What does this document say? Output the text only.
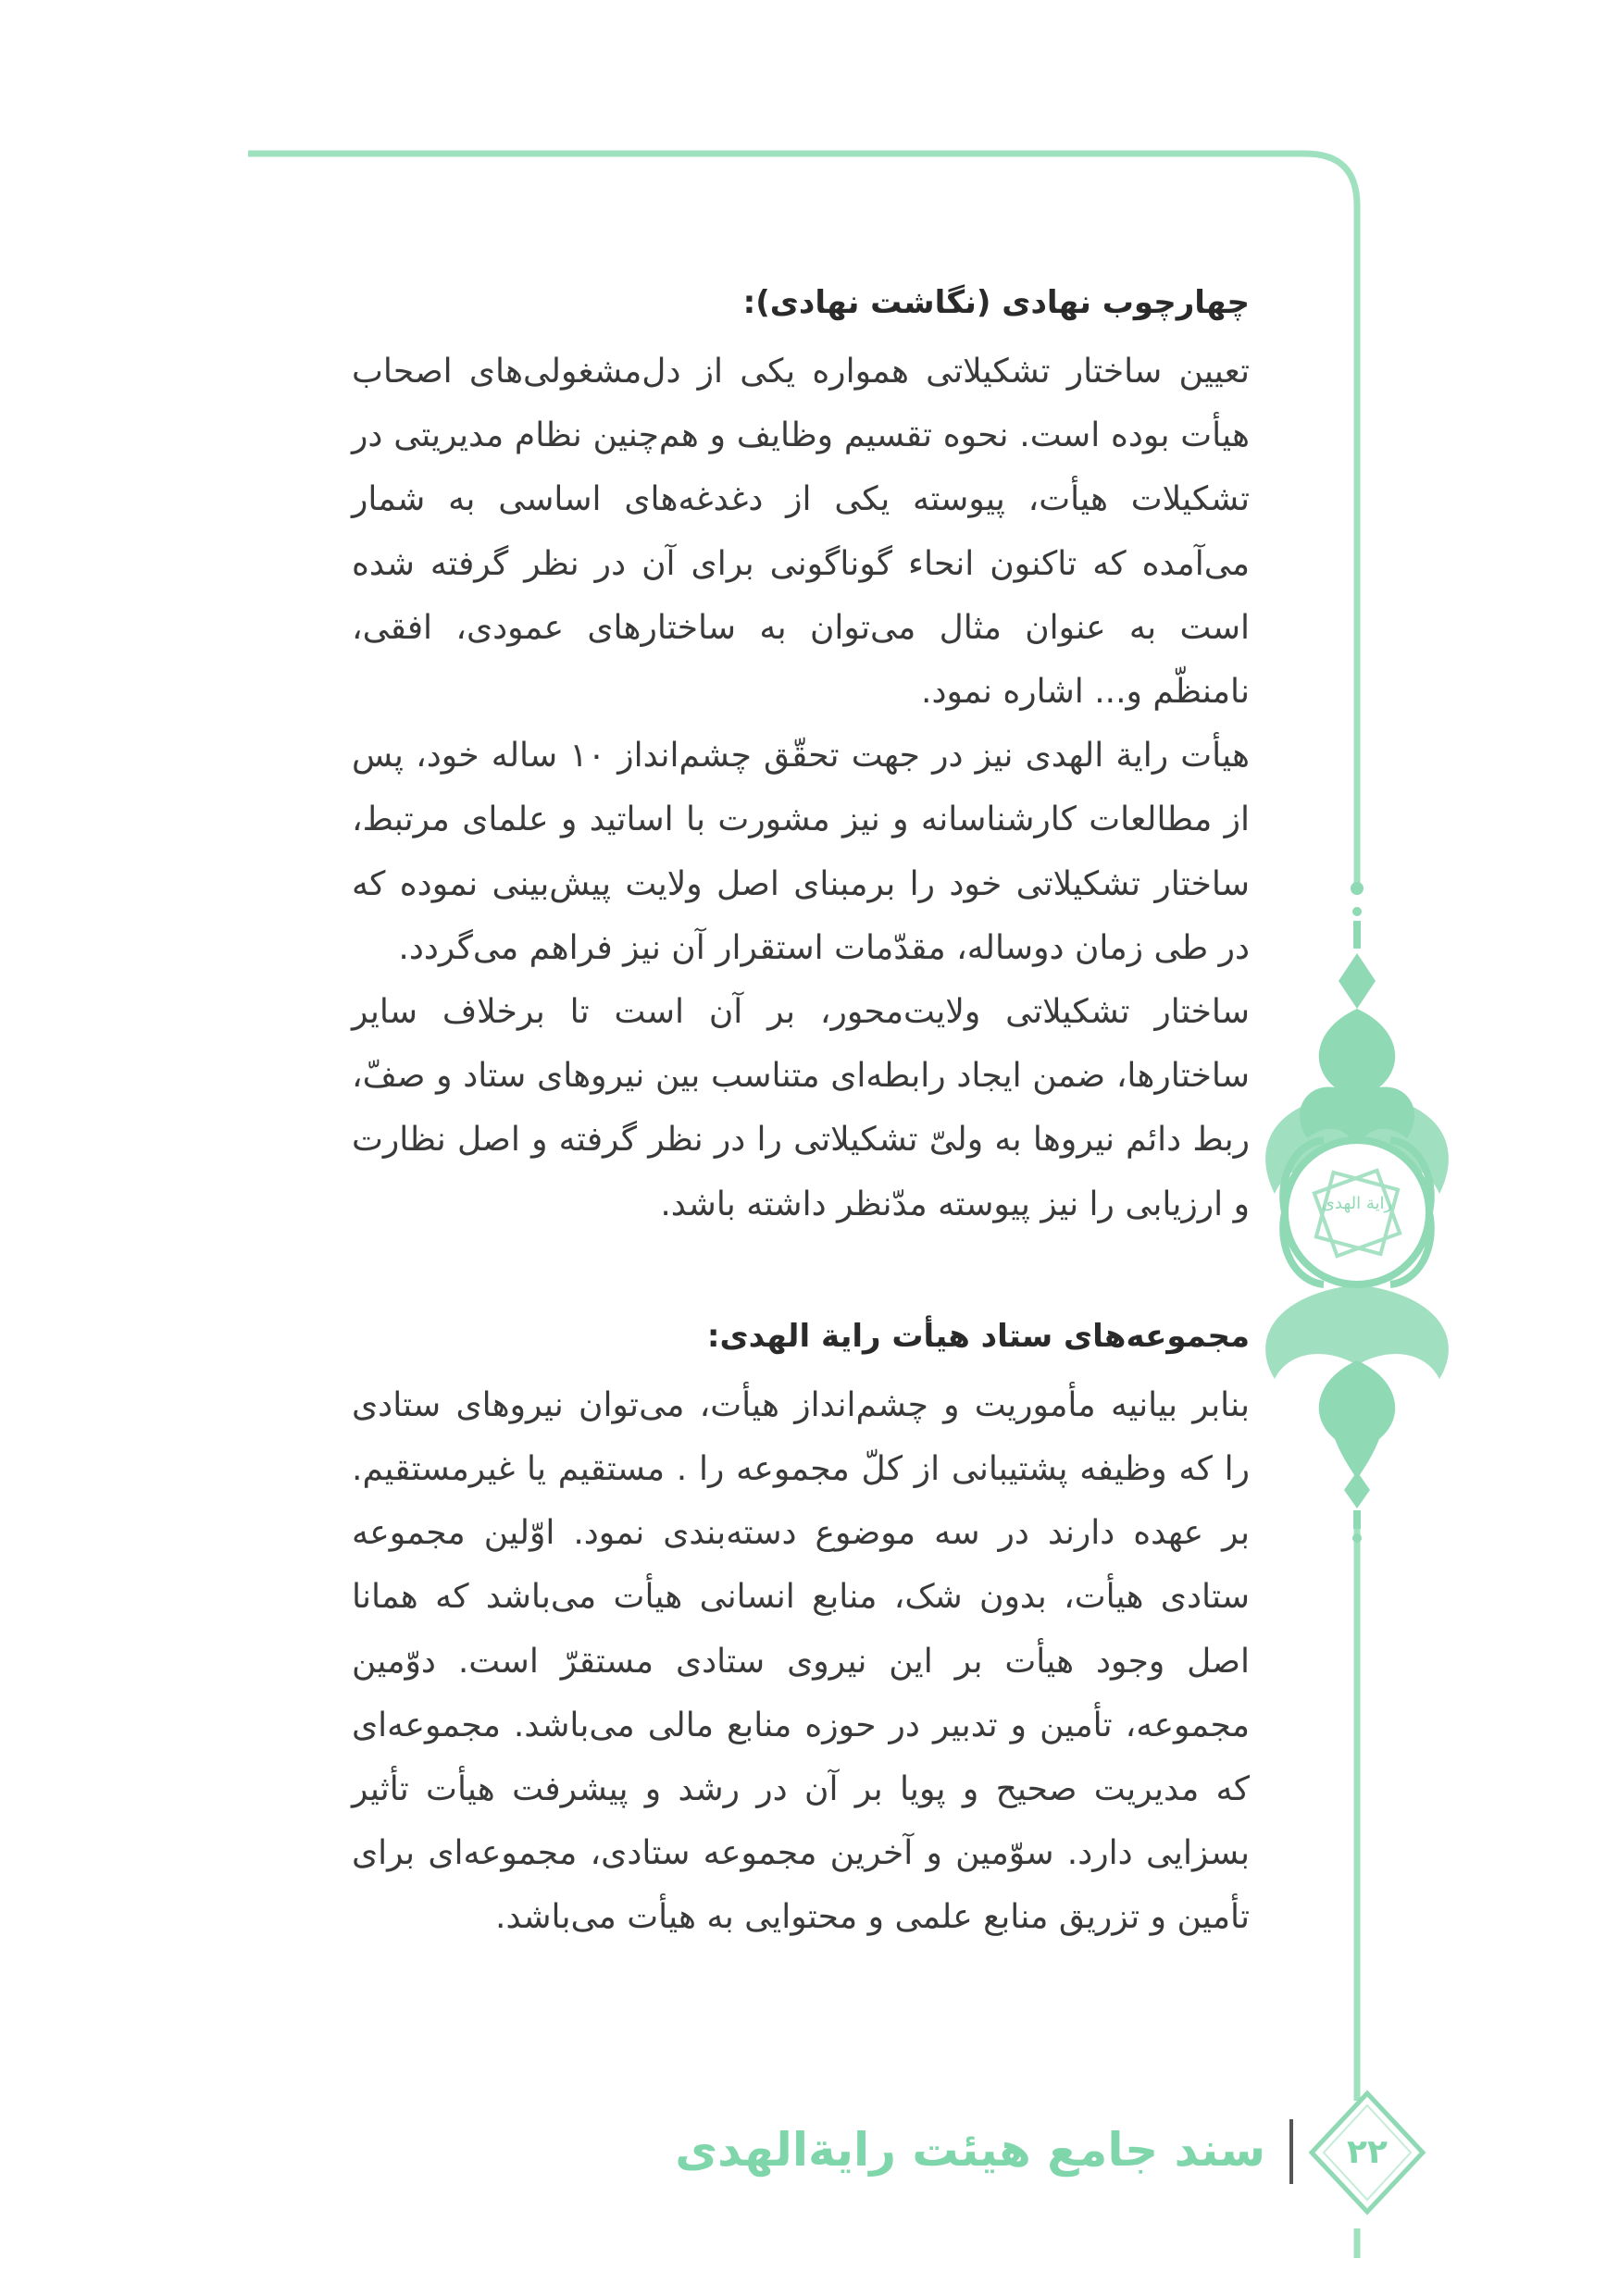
رایة الهدی
چهارچوب نهادی (نگاشت نهادی):

تعیین ساختار تشکیلاتی همواره یکی از دل‌مشغولی‌های اصحاب هیأت بوده است. نحوه تقسیم وظایف و هم‌چنین نظام مدیریتی در تشکیلات هیأت، پیوسته یکی از دغدغه‌های اساسی به شمار می‌آمده که تاکنون انحاء گوناگونی برای آن در نظر گرفته شده است به عنوان مثال می‌توان به ساختارهای عمودی، افقی، نامنظّم و... اشاره نمود.

هیأت رایة الهدی نیز در جهت تحقّق چشم‌انداز ۱۰ ساله خود، پس از مطالعات کارشناسانه و نیز مشورت با اساتید و علمای مرتبط، ساختار تشکیلاتی خود را برمبنای اصل ولایت پیش‌بینی نموده که در طی زمان دوساله، مقدّمات استقرار آن نیز فراهم می‌گردد.

ساختار تشکیلاتی ولایت‌محور، بر آن است تا برخلاف سایر ساختارها، ضمن ایجاد رابطه‌ای متناسب بین نیروهای ستاد و صفّ، ربط دائم نیروها به ولیّ تشکیلاتی را در نظر گرفته و اصل نظارت و ارزیابی را نیز پیوسته مدّنظر داشته باشد.

مجموعه‌های ستاد هیأت رایة الهدی:

بنابر بیانیه مأموریت و چشم‌انداز هیأت، می‌توان نیروهای ستادی را که وظیفه پشتیبانی از کلّ مجموعه را . مستقیم یا غیرمستقیم. بر عهده دارند در سه موضوع دسته‌بندی نمود. اوّلین مجموعه ستادی هیأت، بدون شک، منابع انسانی هیأت می‌باشد که همانا اصل وجود هیأت بر این نیروی ستادی مستقرّ است. دوّمین مجموعه، تأمین و تدبیر در حوزه منابع مالی می‌باشد. مجموعه‌ای که مدیریت صحیح و پویا بر آن در رشد و پیشرفت هیأت تأثیر بسزایی دارد. سوّمین و آخرین مجموعه ستادی، مجموعه‌ای برای تأمین و تزریق منابع علمی و محتوایی به هیأت می‌باشد.

سند جامع هیئت رایة‌الهدی	۲۲
